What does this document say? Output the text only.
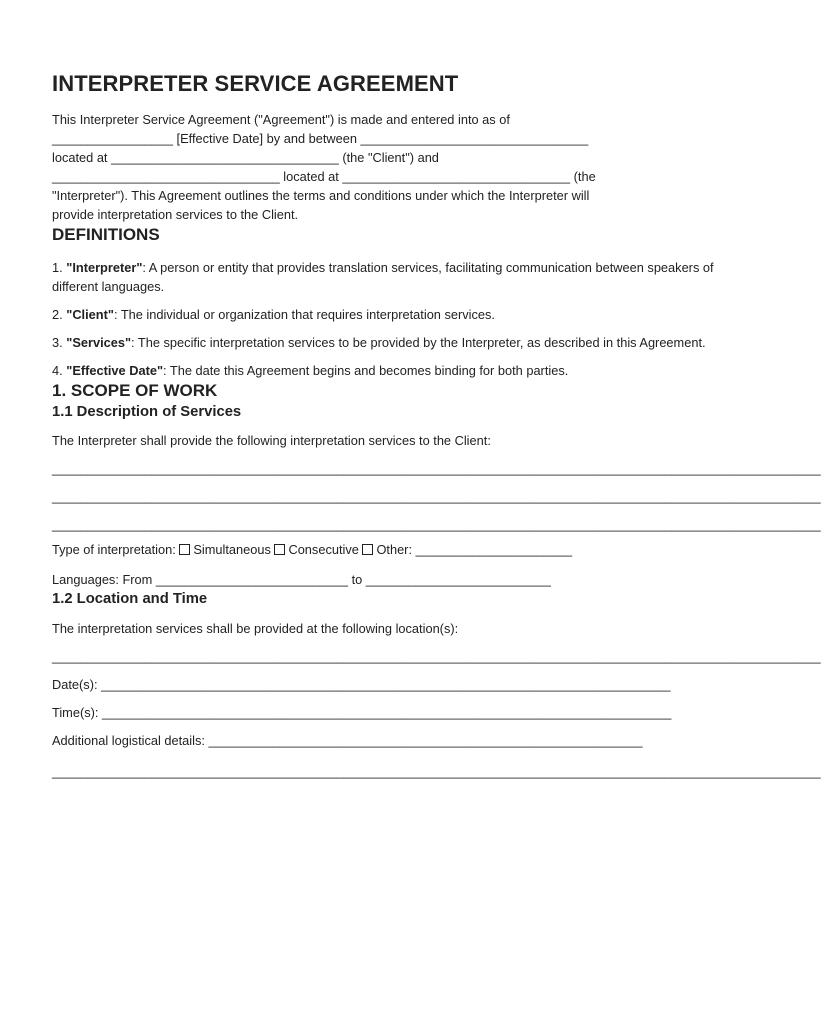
INTERPRETER SERVICE AGREEMENT

This Interpreter Service Agreement ("Agreement") is made and entered into as of

_________________ [Effective Date] by and between ________________________________

located at ________________________________ (the "Client") and

________________________________ located at ________________________________ (the

"Interpreter"). This Agreement outlines the terms and conditions under which the Interpreter will

provide interpretation services to the Client.

DEFINITIONS

1. "Interpreter": A person or entity that provides translation services, facilitating communication between speakers of different languages.

2. "Client": The individual or organization that requires interpretation services.

3. "Services": The specific interpretation services to be provided by the Interpreter, as described in this Agreement.

4. "Effective Date": The date this Agreement begins and becomes binding for both parties.

1. SCOPE OF WORK
1.1 Description of Services

The Interpreter shall provide the following interpretation services to the Client:

____________________________________________________________________________________________________________

____________________________________________________________________________________________________________

____________________________________________________________________________________________________________

Type of interpretation: Simultaneous Consecutive Other: ______________________

Languages: From ___________________________ to __________________________

1.2 Location and Time

The interpretation services shall be provided at the following location(s):

____________________________________________________________________________________________________________

Date(s): ________________________________________________________________________________

Time(s): ________________________________________________________________________________

Additional logistical details: _____________________________________________________________

____________________________________________________________________________________________________________
